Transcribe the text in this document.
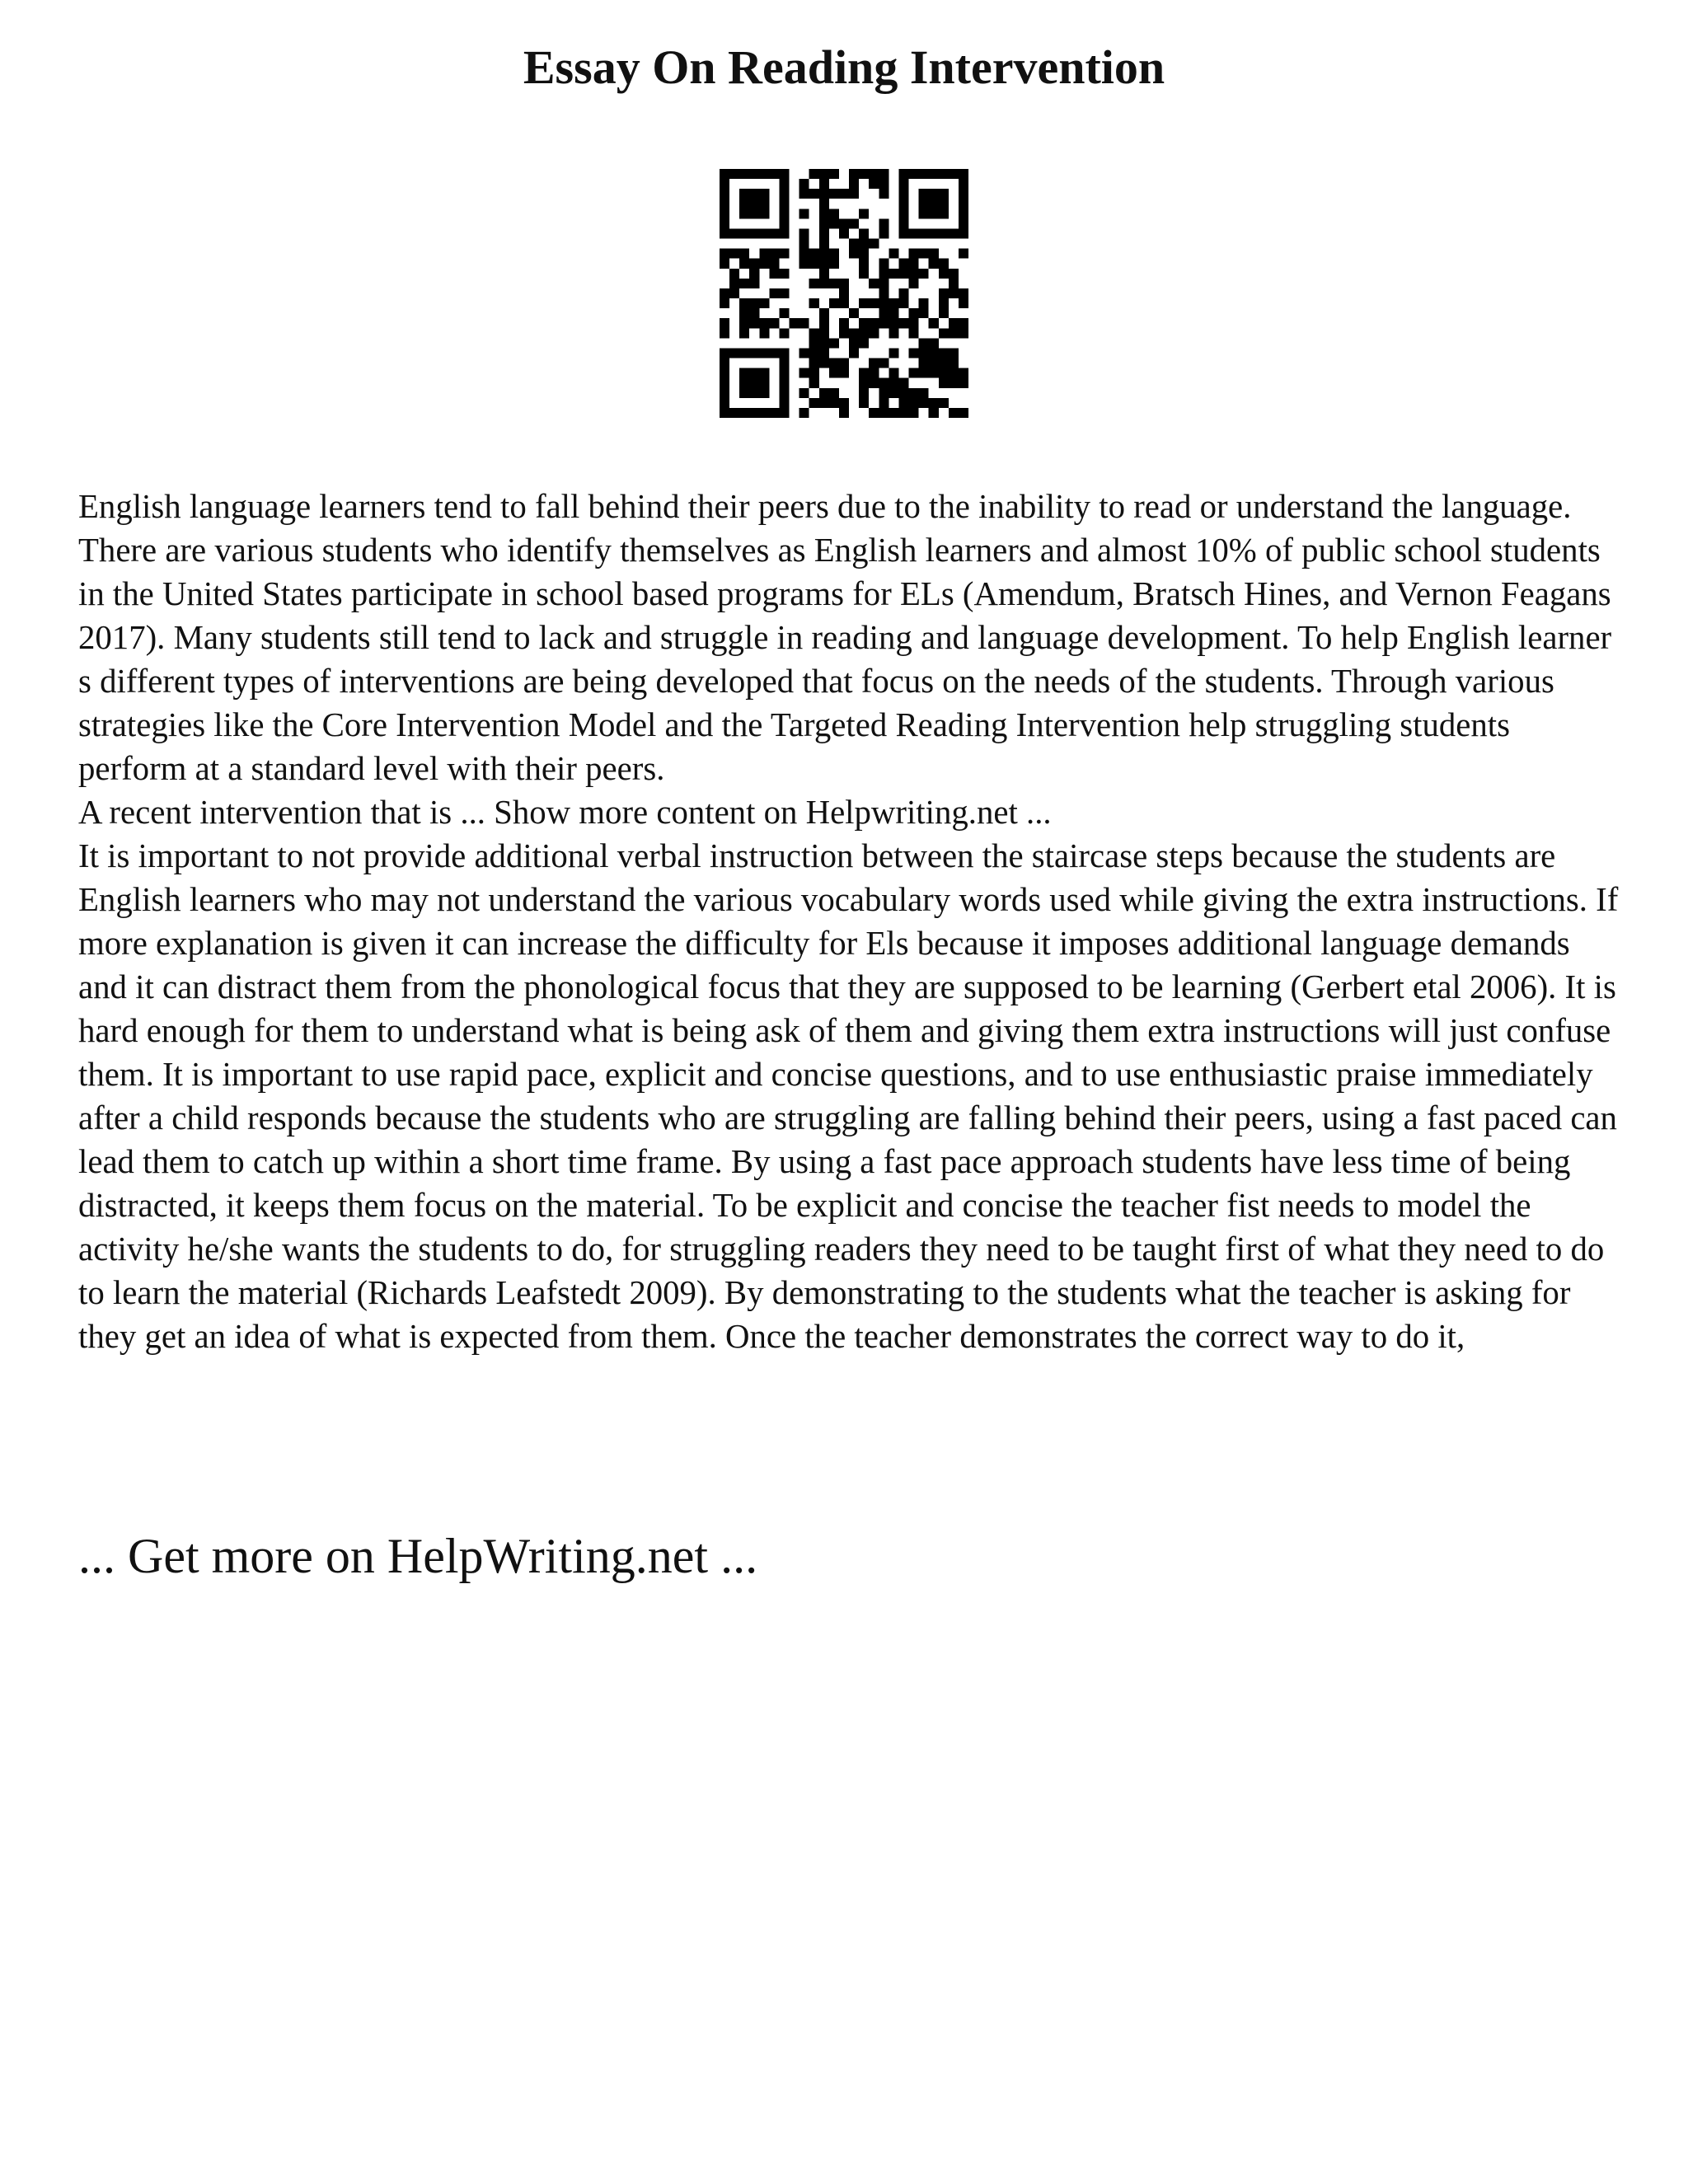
Essay On Reading Intervention

English language learners tend to fall behind their peers due to the inability to read or understand the language. There are various students who identify themselves as English learners and almost 10% of public school students in the United States participate in school based programs for ELs (Amendum, Bratsch Hines, and Vernon Feagans 2017). Many students still tend to lack and struggle in reading and language development. To help English learner s different types of interventions are being developed that focus on the needs of the students. Through various strategies like the Core Intervention Model and the Targeted Reading Intervention help struggling students perform at a standard level with their peers.

A recent intervention that is ... Show more content on Helpwriting.net ...

It is important to not provide additional verbal instruction between the staircase steps because the students are English learners who may not understand the various vocabulary words used while giving the extra instructions. If more explanation is given it can increase the difficulty for Els because it imposes additional language demands and it can distract them from the phonological focus that they are supposed to be learning (Gerbert etal 2006). It is hard enough for them to understand what is being ask of them and giving them extra instructions will just confuse them. It is important to use rapid pace, explicit and concise questions, and to use enthusiastic praise immediately after a child responds because the students who are struggling are falling behind their peers, using a fast paced can lead them to catch up within a short time frame. By using a fast pace approach students have less time of being distracted, it keeps them focus on the material. To be explicit and concise the teacher fist needs to model the activity he/she wants the students to do, for struggling readers they need to be taught first of what they need to do to learn the material (Richards Leafstedt 2009). By demonstrating to the students what the teacher is asking for they get an idea of what is expected from them. Once the teacher demonstrates the correct way to do it,

... Get more on HelpWriting.net ...
